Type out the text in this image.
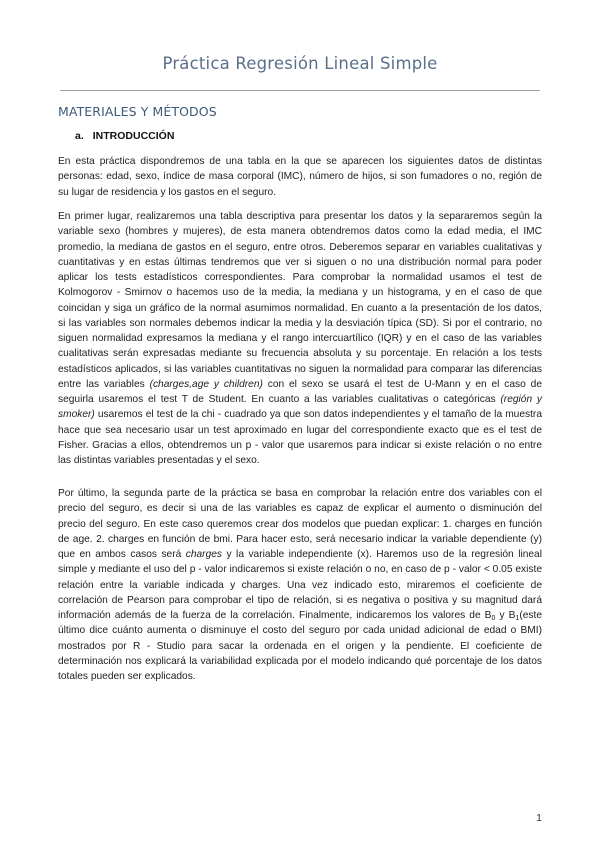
Práctica Regresión Lineal Simple
MATERIALES Y MÉTODOS
a. INTRODUCCIÓN

En esta práctica dispondremos de una tabla en la que se aparecen los siguientes datos de distintas personas: edad, sexo, índice de masa corporal (IMC), número de hijos, si son fumadores o no, región de su lugar de residencia y los gastos en el seguro.

En primer lugar, realizaremos una tabla descriptiva para presentar los datos y la separaremos según la variable sexo (hombres y mujeres), de esta manera obtendremos datos como la edad media, el IMC promedio, la mediana de gastos en el seguro, entre otros. Deberemos separar en variables cualitativas y cuantitativas y en estas últimas tendremos que ver si siguen o no una distribución normal para poder aplicar los tests estadísticos correspondientes. Para comprobar la normalidad usamos el test de Kolmogorov - Smirnov o hacemos uso de la media, la mediana y un histograma, y en el caso de que coincidan y siga un gráfico de la normal asumimos normalidad. En cuanto a la presentación de los datos, si las variables son normales debemos indicar la media y la desviación típica (SD). Si por el contrario, no siguen normalidad expresamos la mediana y el rango intercuartílico (IQR) y en el caso de las variables cualitativas serán expresadas mediante su frecuencia absoluta y su porcentaje. En relación a los tests estadísticos aplicados, si las variables cuantitativas no siguen la normalidad para comparar las diferencias entre las variables (charges,age y children) con el sexo se usará el test de U-Mann y en el caso de seguirla usaremos el test T de Student. En cuanto a las variables cualitativas o categóricas (región y smoker) usaremos el test de la chi - cuadrado ya que son datos independientes y el tamaño de la muestra hace que sea necesario usar un test aproximado en lugar del correspondiente exacto que es el test de Fisher. Gracias a ellos, obtendremos un p - valor que usaremos para indicar si existe relación o no entre las distintas variables presentadas y el sexo.

Por último, la segunda parte de la práctica se basa en comprobar la relación entre dos variables con el precio del seguro, es decir si una de las variables es capaz de explicar el aumento o disminución del precio del seguro. En este caso queremos crear dos modelos que puedan explicar: 1. charges en función de age. 2. charges en función de bmi. Para hacer esto, será necesario indicar la variable dependiente (y) que en ambos casos será charges y la variable independiente (x). Haremos uso de la regresión lineal simple y mediante el uso del p - valor indicaremos si existe relación o no, en caso de p - valor < 0.05 existe relación entre la variable indicada y charges. Una vez indicado esto, miraremos el coeficiente de correlación de Pearson para comprobar el tipo de relación, si es negativa o positiva y su magnitud dará información además de la fuerza de la correlación. Finalmente, indicaremos los valores de $B_0$ y $B_1(este$ último dice cuánto aumenta o disminuye el costo del seguro por cada unidad adicional de edad o BMI) mostrados por R - Studio para sacar la ordenada en el origen y la pendiente. El coeficiente de determinación nos explicará la variabilidad explicada por el modelo indicando qué porcentaje de los datos totales pueden ser explicados.

1
